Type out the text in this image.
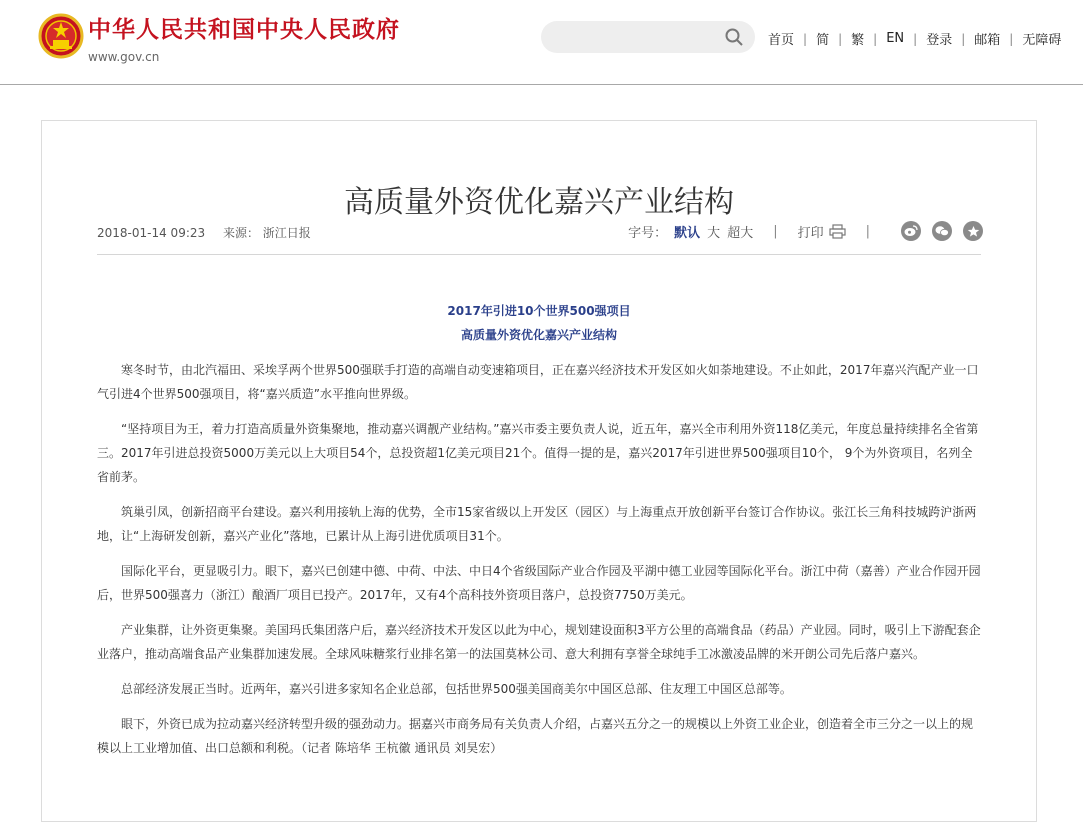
中华人民共和国中央人民政府
www.gov.cn
首页 | 简 | 繁 | EN | 登录 | 邮箱 | 无障碍
高质量外资优化嘉兴产业结构
2018-01-14 09:23 来源： 浙江日报	字号： 默认 大 超大 | 打印	|
2017年引进10个世界500强项目
高质量外资优化嘉兴产业结构

寒冬时节，由北汽福田、采埃孚两个世界500强联手打造的高端自动变速箱项目，正在嘉兴经济技术开发区如火如荼地建设。不止如此，2017年嘉兴汽配产业一口气引进4个世界500强项目，将“嘉兴质造”水平推向世界级。

“坚持项目为王，着力打造高质量外资集聚地，推动嘉兴调靓产业结构。”嘉兴市委主要负责人说，近五年，嘉兴全市利用外资118亿美元，年度总量持续排名全省第三。2017年引进总投资5000万美元以上大项目54个，总投资超1亿美元项目21个。值得一提的是，嘉兴2017年引进世界500强项目10个， 9个为外资项目，名列全省前茅。

筑巢引凤，创新招商平台建设。嘉兴利用接轨上海的优势，全市15家省级以上开发区（园区）与上海重点开放创新平台签订合作协议。张江长三角科技城跨沪浙两地，让“上海研发创新，嘉兴产业化”落地，已累计从上海引进优质项目31个。

国际化平台，更显吸引力。眼下，嘉兴已创建中德、中荷、中法、中日4个省级国际产业合作园及平湖中德工业园等国际化平台。浙江中荷（嘉善）产业合作园开园后，世界500强喜力（浙江）酿酒厂项目已投产。2017年，又有4个高科技外资项目落户，总投资7750万美元。

产业集群，让外资更集聚。美国玛氏集团落户后，嘉兴经济技术开发区以此为中心，规划建设面积3平方公里的高端食品（药品）产业园。同时，吸引上下游配套企业落户，推动高端食品产业集群加速发展。全球风味糖浆行业排名第一的法国莫林公司、意大利拥有享誉全球纯手工冰激凌品牌的米开朗公司先后落户嘉兴。

总部经济发展正当时。近两年，嘉兴引进多家知名企业总部，包括世界500强美国商美尔中国区总部、住友理工中国区总部等。

眼下，外资已成为拉动嘉兴经济转型升级的强劲动力。据嘉兴市商务局有关负责人介绍，占嘉兴五分之一的规模以上外资工业企业，创造着全市三分之一以上的规模以上工业增加值、出口总额和利税。（记者 陈培华 王杭徽 通讯员 刘昊宏）
